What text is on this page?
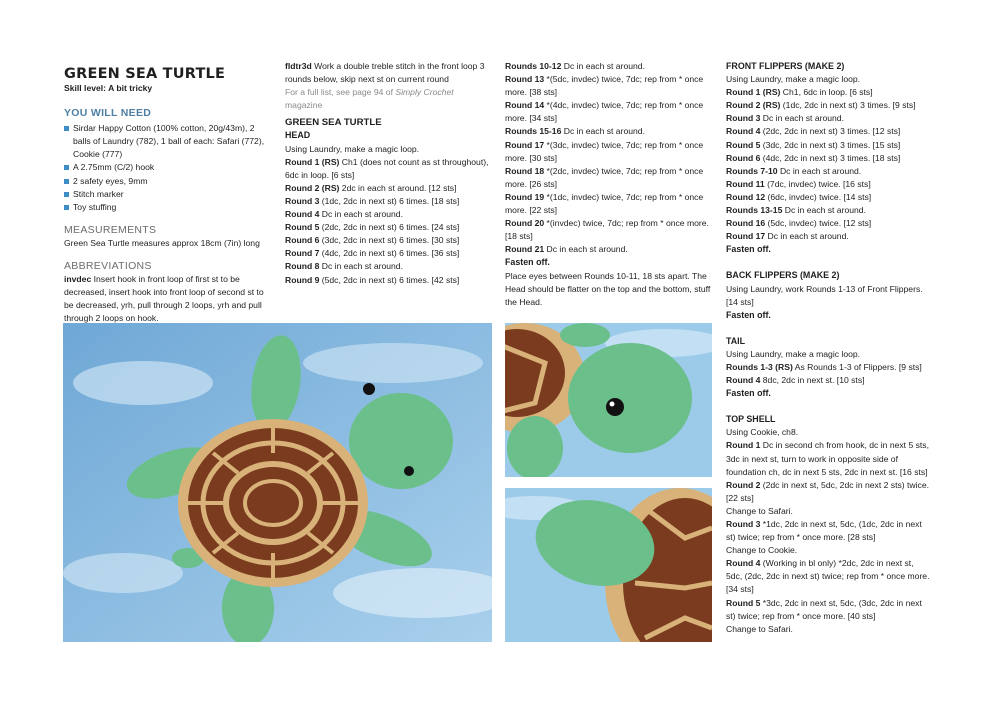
GREEN SEA TURTLE

Skill level: A bit tricky

YOU WILL NEED

Sirdar Happy Cotton (100% cotton, 20g/43m), 2 balls of Laundry (782), 1 ball of each: Safari (772), Cookie (777)
A 2.75mm (C/2) hook
2 safety eyes, 9mm
Stitch marker
Toy stuffing

MEASUREMENTS

Green Sea Turtle measures approx 18cm (7in) long

ABBREVIATIONS

invdec Insert hook in front loop of first st to be decreased, insert hook into front loop of second st to be decreased, yrh, pull through 2 loops, yrh and pull through 2 loops on hook.

fldtr3d Work a double treble stitch in the front loop 3 rounds below, skip next st on current round

For a full list, see page 94 of Simply Crochet magazine

GREEN SEA TURTLE

HEAD

Using Laundry, make a magic loop.

Round 1 (RS) Ch1 (does not count as st throughout), 6dc in loop. [6 sts]

Round 2 (RS) 2dc in each st around. [12 sts]

Round 3 (1dc, 2dc in next st) 6 times. [18 sts]

Round 4 Dc in each st around.

Round 5 (2dc, 2dc in next st) 6 times. [24 sts]

Round 6 (3dc, 2dc in next st) 6 times. [30 sts]

Round 7 (4dc, 2dc in next st) 6 times. [36 sts]

Round 8 Dc in each st around.

Round 9 (5dc, 2dc in next st) 6 times. [42 sts]

Rounds 10-12 Dc in each st around.

Round 13 *(5dc, invdec) twice, 7dc; rep from * once more. [38 sts]

Round 14 *(4dc, invdec) twice, 7dc; rep from * once more. [34 sts]

Rounds 15-16 Dc in each st around.

Round 17 *(3dc, invdec) twice, 7dc; rep from * once more. [30 sts]

Round 18 *(2dc, invdec) twice, 7dc; rep from * once more. [26 sts]

Round 19 *(1dc, invdec) twice, 7dc; rep from * once more. [22 sts]

Round 20 *(invdec) twice, 7dc; rep from * once more. [18 sts]

Round 21 Dc in each st around.

Fasten off.

Place eyes between Rounds 10-11, 18 sts apart. The Head should be flatter on the top and the bottom, stuff the Head.

FRONT FLIPPERS (MAKE 2)

Using Laundry, make a magic loop.

Round 1 (RS) Ch1, 6dc in loop. [6 sts]

Round 2 (RS) (1dc, 2dc in next st) 3 times. [9 sts]

Round 3 Dc in each st around.

Round 4 (2dc, 2dc in next st) 3 times. [12 sts]

Round 5 (3dc, 2dc in next st) 3 times. [15 sts]

Round 6 (4dc, 2dc in next st) 3 times. [18 sts]

Rounds 7-10 Dc in each st around.

Round 11 (7dc, invdec) twice. [16 sts]

Round 12 (6dc, invdec) twice. [14 sts]

Rounds 13-15 Dc in each st around.

Round 16 (5dc, invdec) twice. [12 sts]

Round 17 Dc in each st around.

Fasten off.

BACK FLIPPERS (MAKE 2)

Using Laundry, work Rounds 1-13 of Front Flippers. [14 sts]

Fasten off.

TAIL

Using Laundry, make a magic loop.

Rounds 1-3 (RS) As Rounds 1-3 of Flippers. [9 sts]

Round 4 8dc, 2dc in next st. [10 sts]

Fasten off.

TOP SHELL

Using Cookie, ch8.

Round 1 Dc in second ch from hook, dc in next 5 sts, 3dc in next st, turn to work in opposite side of foundation ch, dc in next 5 sts, 2dc in next st. [16 sts]

Round 2 (2dc in next st, 5dc, 2dc in next 2 sts) twice. [22 sts]

Change to Safari.

Round 3 *1dc, 2dc in next st, 5dc, (1dc, 2dc in next st) twice; rep from * once more. [28 sts]

Change to Cookie.

Round 4 (Working in bl only) *2dc, 2dc in next st, 5dc, (2dc, 2dc in next st) twice; rep from * once more. [34 sts]

Round 5 *3dc, 2dc in next st, 5dc, (3dc, 2dc in next st) twice; rep from * once more. [40 sts]

Change to Safari.
